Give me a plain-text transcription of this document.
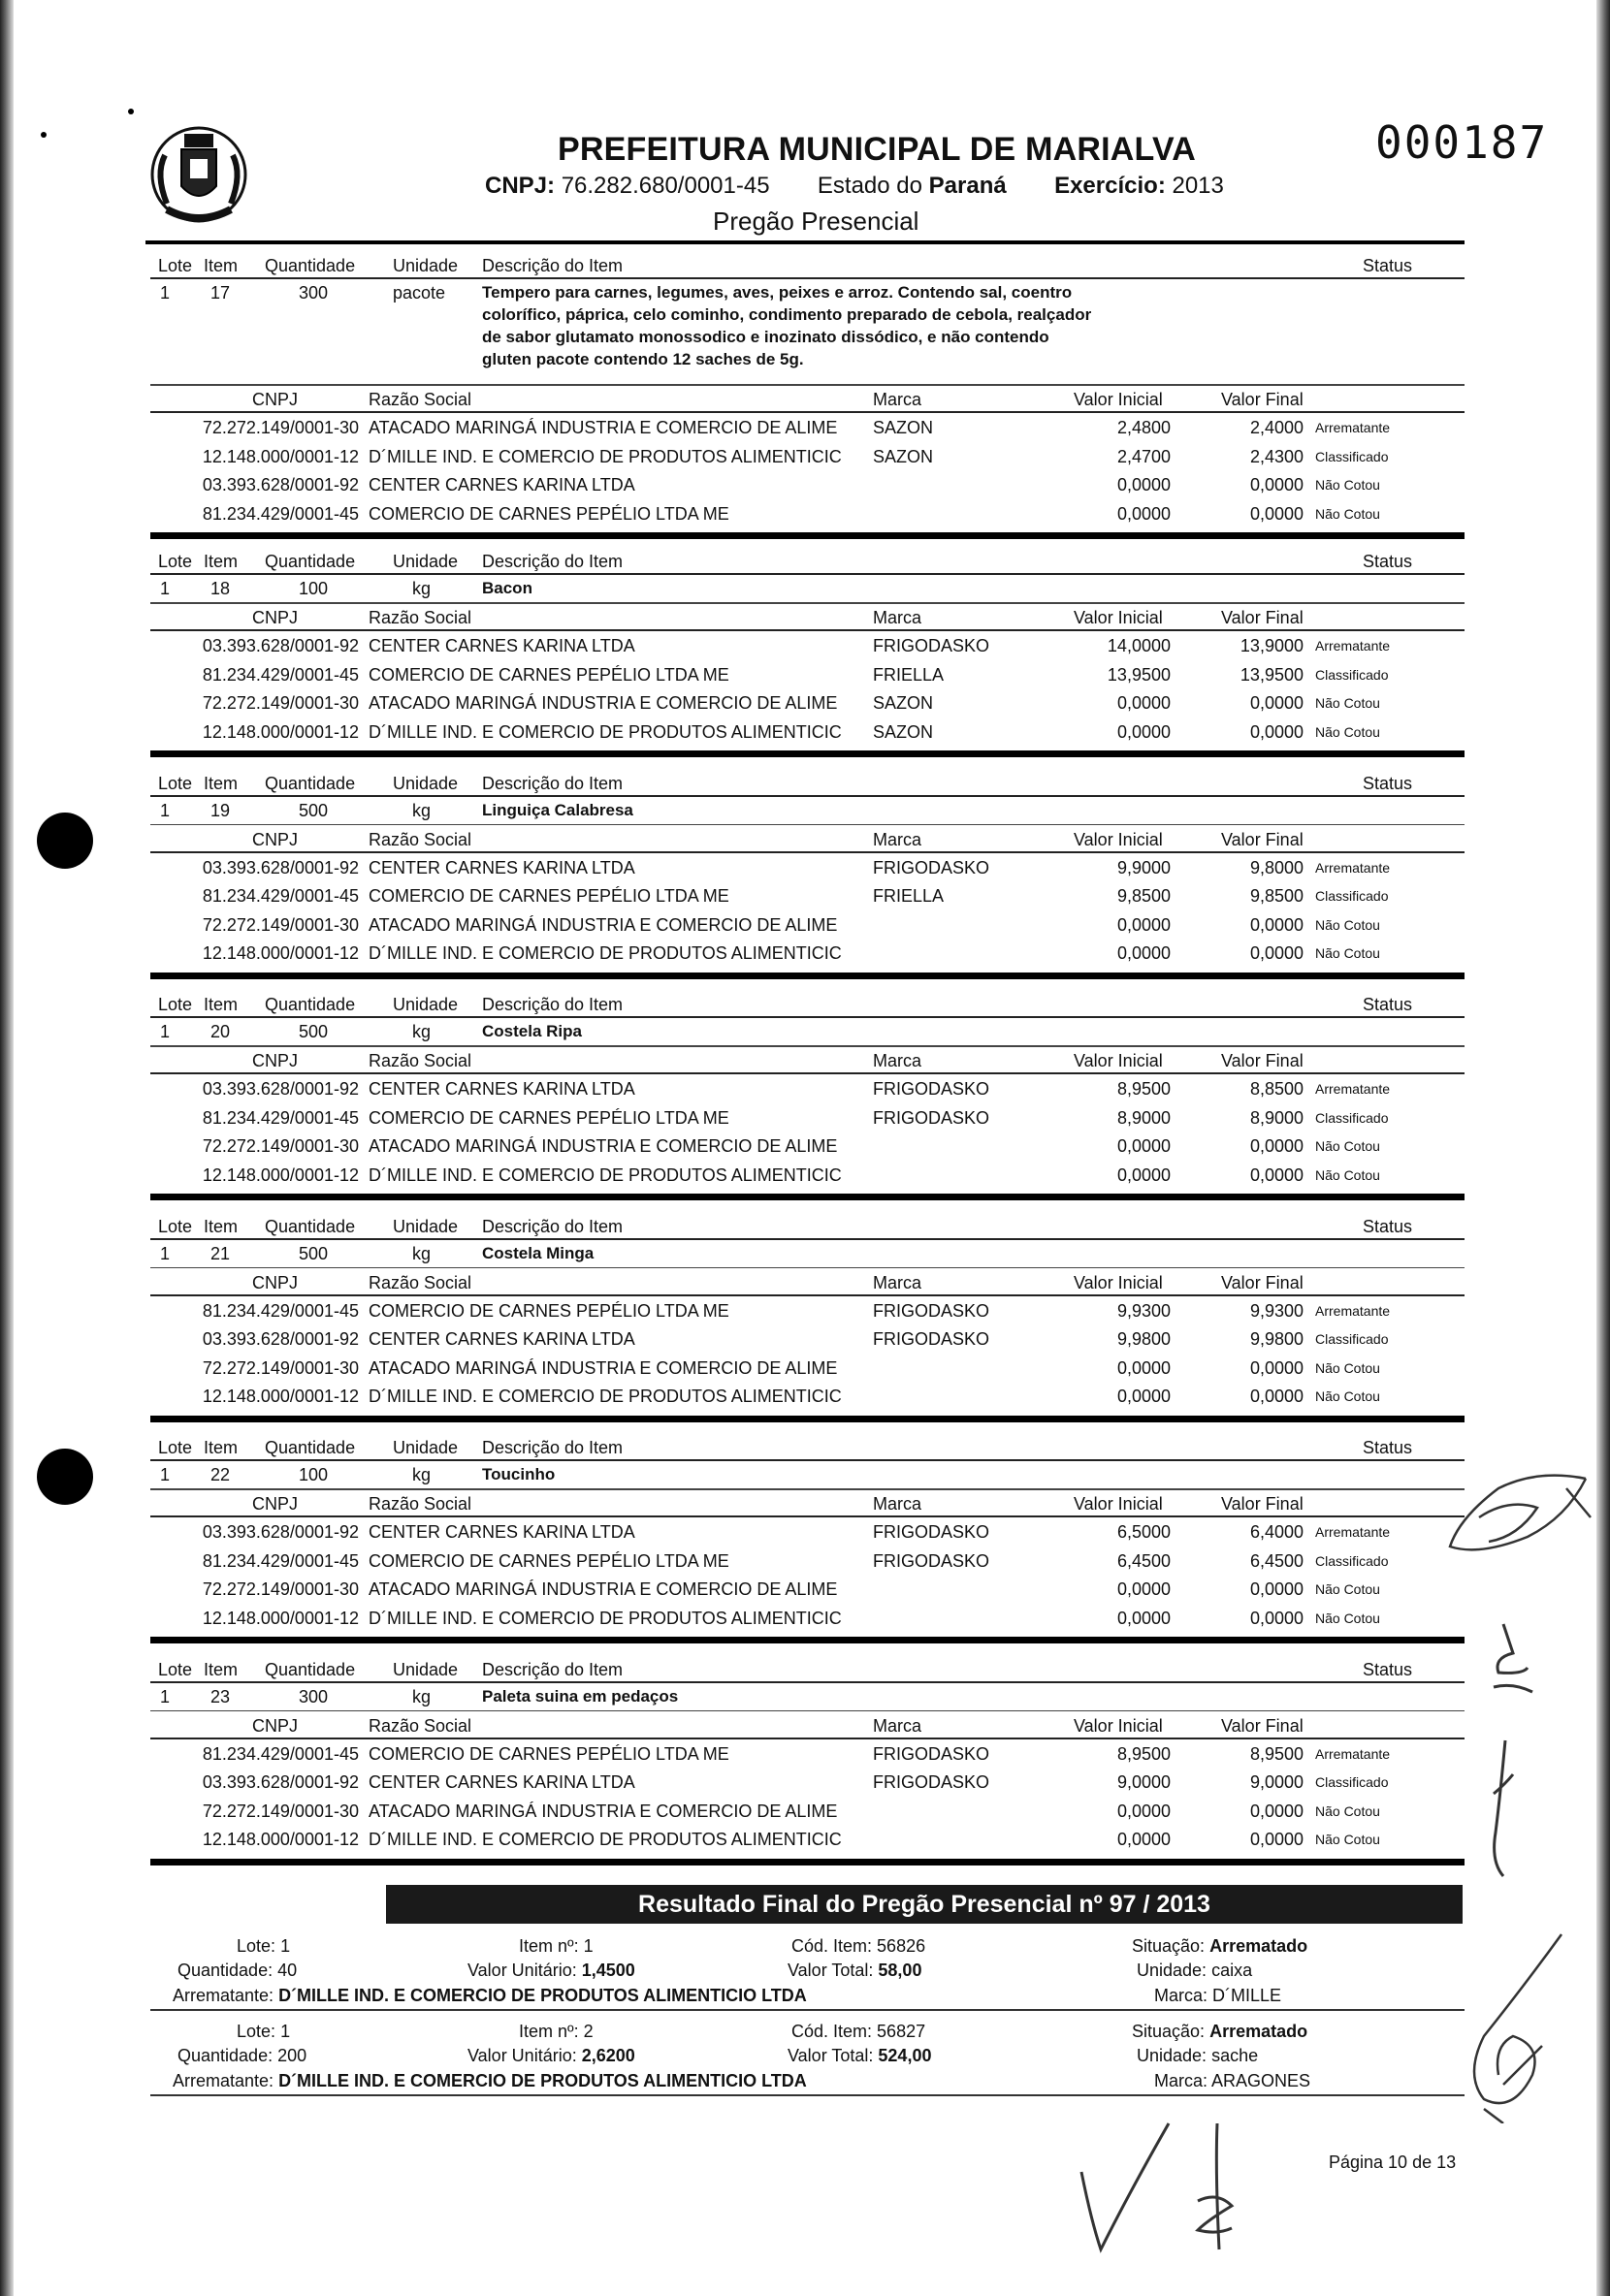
PREFEITURA MUNICIPAL DE MARIALVA	000187
CNPJ: 76.282.680/0001-45 Estado do Paraná Exercício: 2013
Pregão Presencial
Lote Item Quantidade Unidade Descrição do Item	Status
1 17	300	pacote Tempero para carnes, legumes, aves, peixes e arroz. Contendo sal, coentro
colorífico, páprica, celo cominho, condimento preparado de cebola, realçador
de sabor glutamato monossodico e inozinato dissódico, e não contendo
gluten pacote contendo 12 saches de 5g.
CNPJ	Razão Social	Marca	Valor Inicial	Valor Final
72.272.149/0001-30 ATACADO MARINGÁ INDUSTRIA E COMERCIO DE ALIME SAZON	2,4800	2,4000 Arrematante
12.148.000/0001-12 D´MILLE IND. E COMERCIO DE PRODUTOS ALIMENTICIC SAZON	2,4700	2,4300 Classificado
03.393.628/0001-92 CENTER CARNES KARINA LTDA	0,0000	0,0000 Não Cotou
81.234.429/0001-45 COMERCIO DE CARNES PEPÉLIO LTDA ME	0,0000	0,0000 Não Cotou
Lote Item Quantidade Unidade Descrição do Item	Status
1 18	100	kg	Bacon
CNPJ	Razão Social	Marca	Valor Inicial	Valor Final
03.393.628/0001-92 CENTER CARNES KARINA LTDA	FRIGODASKO	14,0000	13,9000 Arrematante
81.234.429/0001-45 COMERCIO DE CARNES PEPÉLIO LTDA ME	FRIELLA	13,9500	13,9500 Classificado
72.272.149/0001-30 ATACADO MARINGÁ INDUSTRIA E COMERCIO DE ALIME SAZON	0,0000	0,0000 Não Cotou
12.148.000/0001-12 D´MILLE IND. E COMERCIO DE PRODUTOS ALIMENTICIC SAZON	0,0000	0,0000 Não Cotou
Lote Item Quantidade Unidade Descrição do Item	Status
1 19	500	kg	Linguiça Calabresa
CNPJ	Razão Social	Marca	Valor Inicial	Valor Final
03.393.628/0001-92 CENTER CARNES KARINA LTDA	FRIGODASKO	9,9000	9,8000 Arrematante
81.234.429/0001-45 COMERCIO DE CARNES PEPÉLIO LTDA ME	FRIELLA	9,8500	9,8500 Classificado
72.272.149/0001-30 ATACADO MARINGÁ INDUSTRIA E COMERCIO DE ALIME	0,0000	0,0000 Não Cotou
12.148.000/0001-12 D´MILLE IND. E COMERCIO DE PRODUTOS ALIMENTICIC	0,0000	0,0000 Não Cotou
Lote Item Quantidade Unidade Descrição do Item	Status
1 20	500	kg	Costela Ripa
CNPJ	Razão Social	Marca	Valor Inicial	Valor Final
03.393.628/0001-92 CENTER CARNES KARINA LTDA	FRIGODASKO	8,9500	8,8500 Arrematante
81.234.429/0001-45 COMERCIO DE CARNES PEPÉLIO LTDA ME	FRIGODASKO	8,9000	8,9000 Classificado
72.272.149/0001-30 ATACADO MARINGÁ INDUSTRIA E COMERCIO DE ALIME	0,0000	0,0000 Não Cotou
12.148.000/0001-12 D´MILLE IND. E COMERCIO DE PRODUTOS ALIMENTICIC	0,0000	0,0000 Não Cotou
Lote Item Quantidade Unidade Descrição do Item	Status
1 21	500	kg	Costela Minga
CNPJ	Razão Social	Marca	Valor Inicial	Valor Final
81.234.429/0001-45 COMERCIO DE CARNES PEPÉLIO LTDA ME	FRIGODASKO	9,9300	9,9300 Arrematante
03.393.628/0001-92 CENTER CARNES KARINA LTDA	FRIGODASKO	9,9800	9,9800 Classificado
72.272.149/0001-30 ATACADO MARINGÁ INDUSTRIA E COMERCIO DE ALIME	0,0000	0,0000 Não Cotou
12.148.000/0001-12 D´MILLE IND. E COMERCIO DE PRODUTOS ALIMENTICIC	0,0000	0,0000 Não Cotou
Lote Item Quantidade Unidade Descrição do Item	Status
1 22	100	kg	Toucinho
CNPJ	Razão Social	Marca	Valor Inicial	Valor Final
03.393.628/0001-92 CENTER CARNES KARINA LTDA	FRIGODASKO	6,5000	6,4000 Arrematante
81.234.429/0001-45 COMERCIO DE CARNES PEPÉLIO LTDA ME	FRIGODASKO	6,4500	6,4500 Classificado
72.272.149/0001-30 ATACADO MARINGÁ INDUSTRIA E COMERCIO DE ALIME	0,0000	0,0000 Não Cotou
12.148.000/0001-12 D´MILLE IND. E COMERCIO DE PRODUTOS ALIMENTICIC	0,0000	0,0000 Não Cotou
Lote Item Quantidade Unidade Descrição do Item	Status
1 23	300	kg	Paleta suina em pedaços
CNPJ	Razão Social	Marca	Valor Inicial	Valor Final
81.234.429/0001-45 COMERCIO DE CARNES PEPÉLIO LTDA ME	FRIGODASKO	8,9500	8,9500 Arrematante
03.393.628/0001-92 CENTER CARNES KARINA LTDA	FRIGODASKO	9,0000	9,0000 Classificado
72.272.149/0001-30 ATACADO MARINGÁ INDUSTRIA E COMERCIO DE ALIME	0,0000	0,0000 Não Cotou
12.148.000/0001-12 D´MILLE IND. E COMERCIO DE PRODUTOS ALIMENTICIC	0,0000	0,0000 Não Cotou
Resultado Final do Pregão Presencial nº 97 / 2013
Lote: 1
Quantidade: 40
Arrematante: D´MILLE IND. E COMERCIO DE PRODUTOS ALIMENTICIO LTDA
Item nº: 1
Valor Unitário: 1,4500
Cód. Item: 56826
Valor Total: 58,00
Situação: Arrematado
Unidade: caixa
Marca: D´MILLE
Lote: 1
Quantidade: 200
Arrematante: D´MILLE IND. E COMERCIO DE PRODUTOS ALIMENTICIO LTDA
Item nº: 2
Valor Unitário: 2,6200
Cód. Item: 56827
Valor Total: 524,00
Situação: Arrematado
Unidade: sache
Marca: ARAGONES
Página 10 de 13
